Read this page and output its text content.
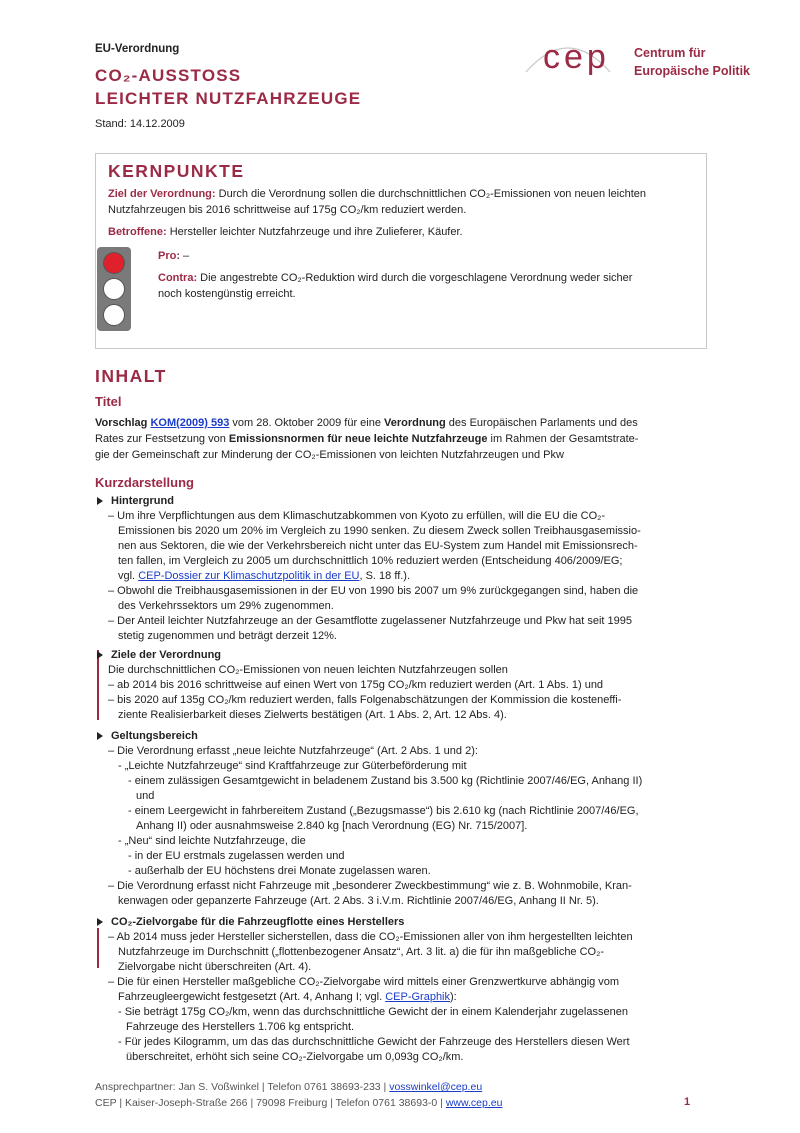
EU-Verordnung
CO₂-AUSSTOSS
LEICHTER NUTZFAHRZEUGE
Stand: 14.12.2009
cep Centrum für
Europäische Politik
KERNPUNKTE
Ziel der Verordnung: Durch die Verordnung sollen die durchschnittlichen CO₂-Emissionen von neuen leichten
Nutzfahrzeugen bis 2016 schrittweise auf 175g CO₂/km reduziert werden.
Betroffene: Hersteller leichter Nutzfahrzeuge und ihre Zulieferer, Käufer.
Pro: –
Contra: Die angestrebte CO₂-Reduktion wird durch die vorgeschlagene Verordnung weder sicher
noch kostengünstig erreicht.
INHALT
Titel
Vorschlag KOM(2009) 593 vom 28. Oktober 2009 für eine Verordnung des Europäischen Parlaments und des
Rates zur Festsetzung von Emissionsnormen für neue leichte Nutzfahrzeuge im Rahmen der Gesamtstrate-
gie der Gemeinschaft zur Minderung der CO₂-Emissionen von leichten Nutzfahrzeugen und Pkw
Kurzdarstellung
Hintergrund
– Um ihre Verpflichtungen aus dem Klimaschutzabkommen von Kyoto zu erfüllen, will die EU die CO₂-
Emissionen bis 2020 um 20% im Vergleich zu 1990 senken. Zu diesem Zweck sollen Treibhausgasemissio-
nen aus Sektoren, die wie der Verkehrsbereich nicht unter das EU-System zum Handel mit Emissionsrech-
ten fallen, im Vergleich zu 2005 um durchschnittlich 10% reduziert werden (Entscheidung 406/2009/EG;
vgl. CEP-Dossier zur Klimaschutzpolitik in der EU, S. 18 ff.).
– Obwohl die Treibhausgasemissionen in der EU von 1990 bis 2007 um 9% zurückgegangen sind, haben die
des Verkehrssektors um 29% zugenommen.
– Der Anteil leichter Nutzfahrzeuge an der Gesamtflotte zugelassener Nutzfahrzeuge und Pkw hat seit 1995
stetig zugenommen und beträgt derzeit 12%.
Ziele der Verordnung
Die durchschnittlichen CO₂-Emissionen von neuen leichten Nutzfahrzeugen sollen
– ab 2014 bis 2016 schrittweise auf einen Wert von 175g CO₂/km reduziert werden (Art. 1 Abs. 1) und
– bis 2020 auf 135g CO₂/km reduziert werden, falls Folgenabschätzungen der Kommission die kosteneffi-
ziente Realisierbarkeit dieses Zielwerts bestätigen (Art. 1 Abs. 2, Art. 12 Abs. 4).
Geltungsbereich
– Die Verordnung erfasst „neue leichte Nutzfahrzeuge“ (Art. 2 Abs. 1 und 2):
- „Leichte Nutzfahrzeuge“ sind Kraftfahrzeuge zur Güterbeförderung mit
- einem zulässigen Gesamtgewicht in beladenem Zustand bis 3.500 kg (Richtlinie 2007/46/EG, Anhang II)
und
- einem Leergewicht in fahrbereitem Zustand („Bezugsmasse“) bis 2.610 kg (nach Richtlinie 2007/46/EG,
Anhang II) oder ausnahmsweise 2.840 kg [nach Verordnung (EG) Nr. 715/2007].
- „Neu“ sind leichte Nutzfahrzeuge, die
- in der EU erstmals zugelassen werden und
- außerhalb der EU höchstens drei Monate zugelassen waren.
– Die Verordnung erfasst nicht Fahrzeuge mit „besonderer Zweckbestimmung“ wie z. B. Wohnmobile, Kran-
kenwagen oder gepanzerte Fahrzeuge (Art. 2 Abs. 3 i.V.m. Richtlinie 2007/46/EG, Anhang II Nr. 5).
CO₂-Zielvorgabe für die Fahrzeugflotte eines Herstellers
– Ab 2014 muss jeder Hersteller sicherstellen, dass die CO₂-Emissionen aller von ihm hergestellten leichten
Nutzfahrzeuge im Durchschnitt („flottenbezogener Ansatz“, Art. 3 lit. a) die für ihn maßgebliche CO₂-
Zielvorgabe nicht überschreiten (Art. 4).
– Die für einen Hersteller maßgebliche CO₂-Zielvorgabe wird mittels einer Grenzwertkurve abhängig vom
Fahrzeugleergewicht festgesetzt (Art. 4, Anhang I; vgl. CEP-Graphik):
- Sie beträgt 175g CO₂/km, wenn das durchschnittliche Gewicht der in einem Kalenderjahr zugelassenen
Fahrzeuge des Herstellers 1.706 kg entspricht.
- Für jedes Kilogramm, um das das durchschnittliche Gewicht der Fahrzeuge des Herstellers diesen Wert
überschreitet, erhöht sich seine CO₂-Zielvorgabe um 0,093g CO₂/km.
Ansprechpartner: Jan S. Voßwinkel | Telefon 0761 38693-233 | vosswinkel@cep.eu
CEP | Kaiser-Joseph-Straße 266 | 79098 Freiburg | Telefon 0761 38693-0 | www.cep.eu	1
